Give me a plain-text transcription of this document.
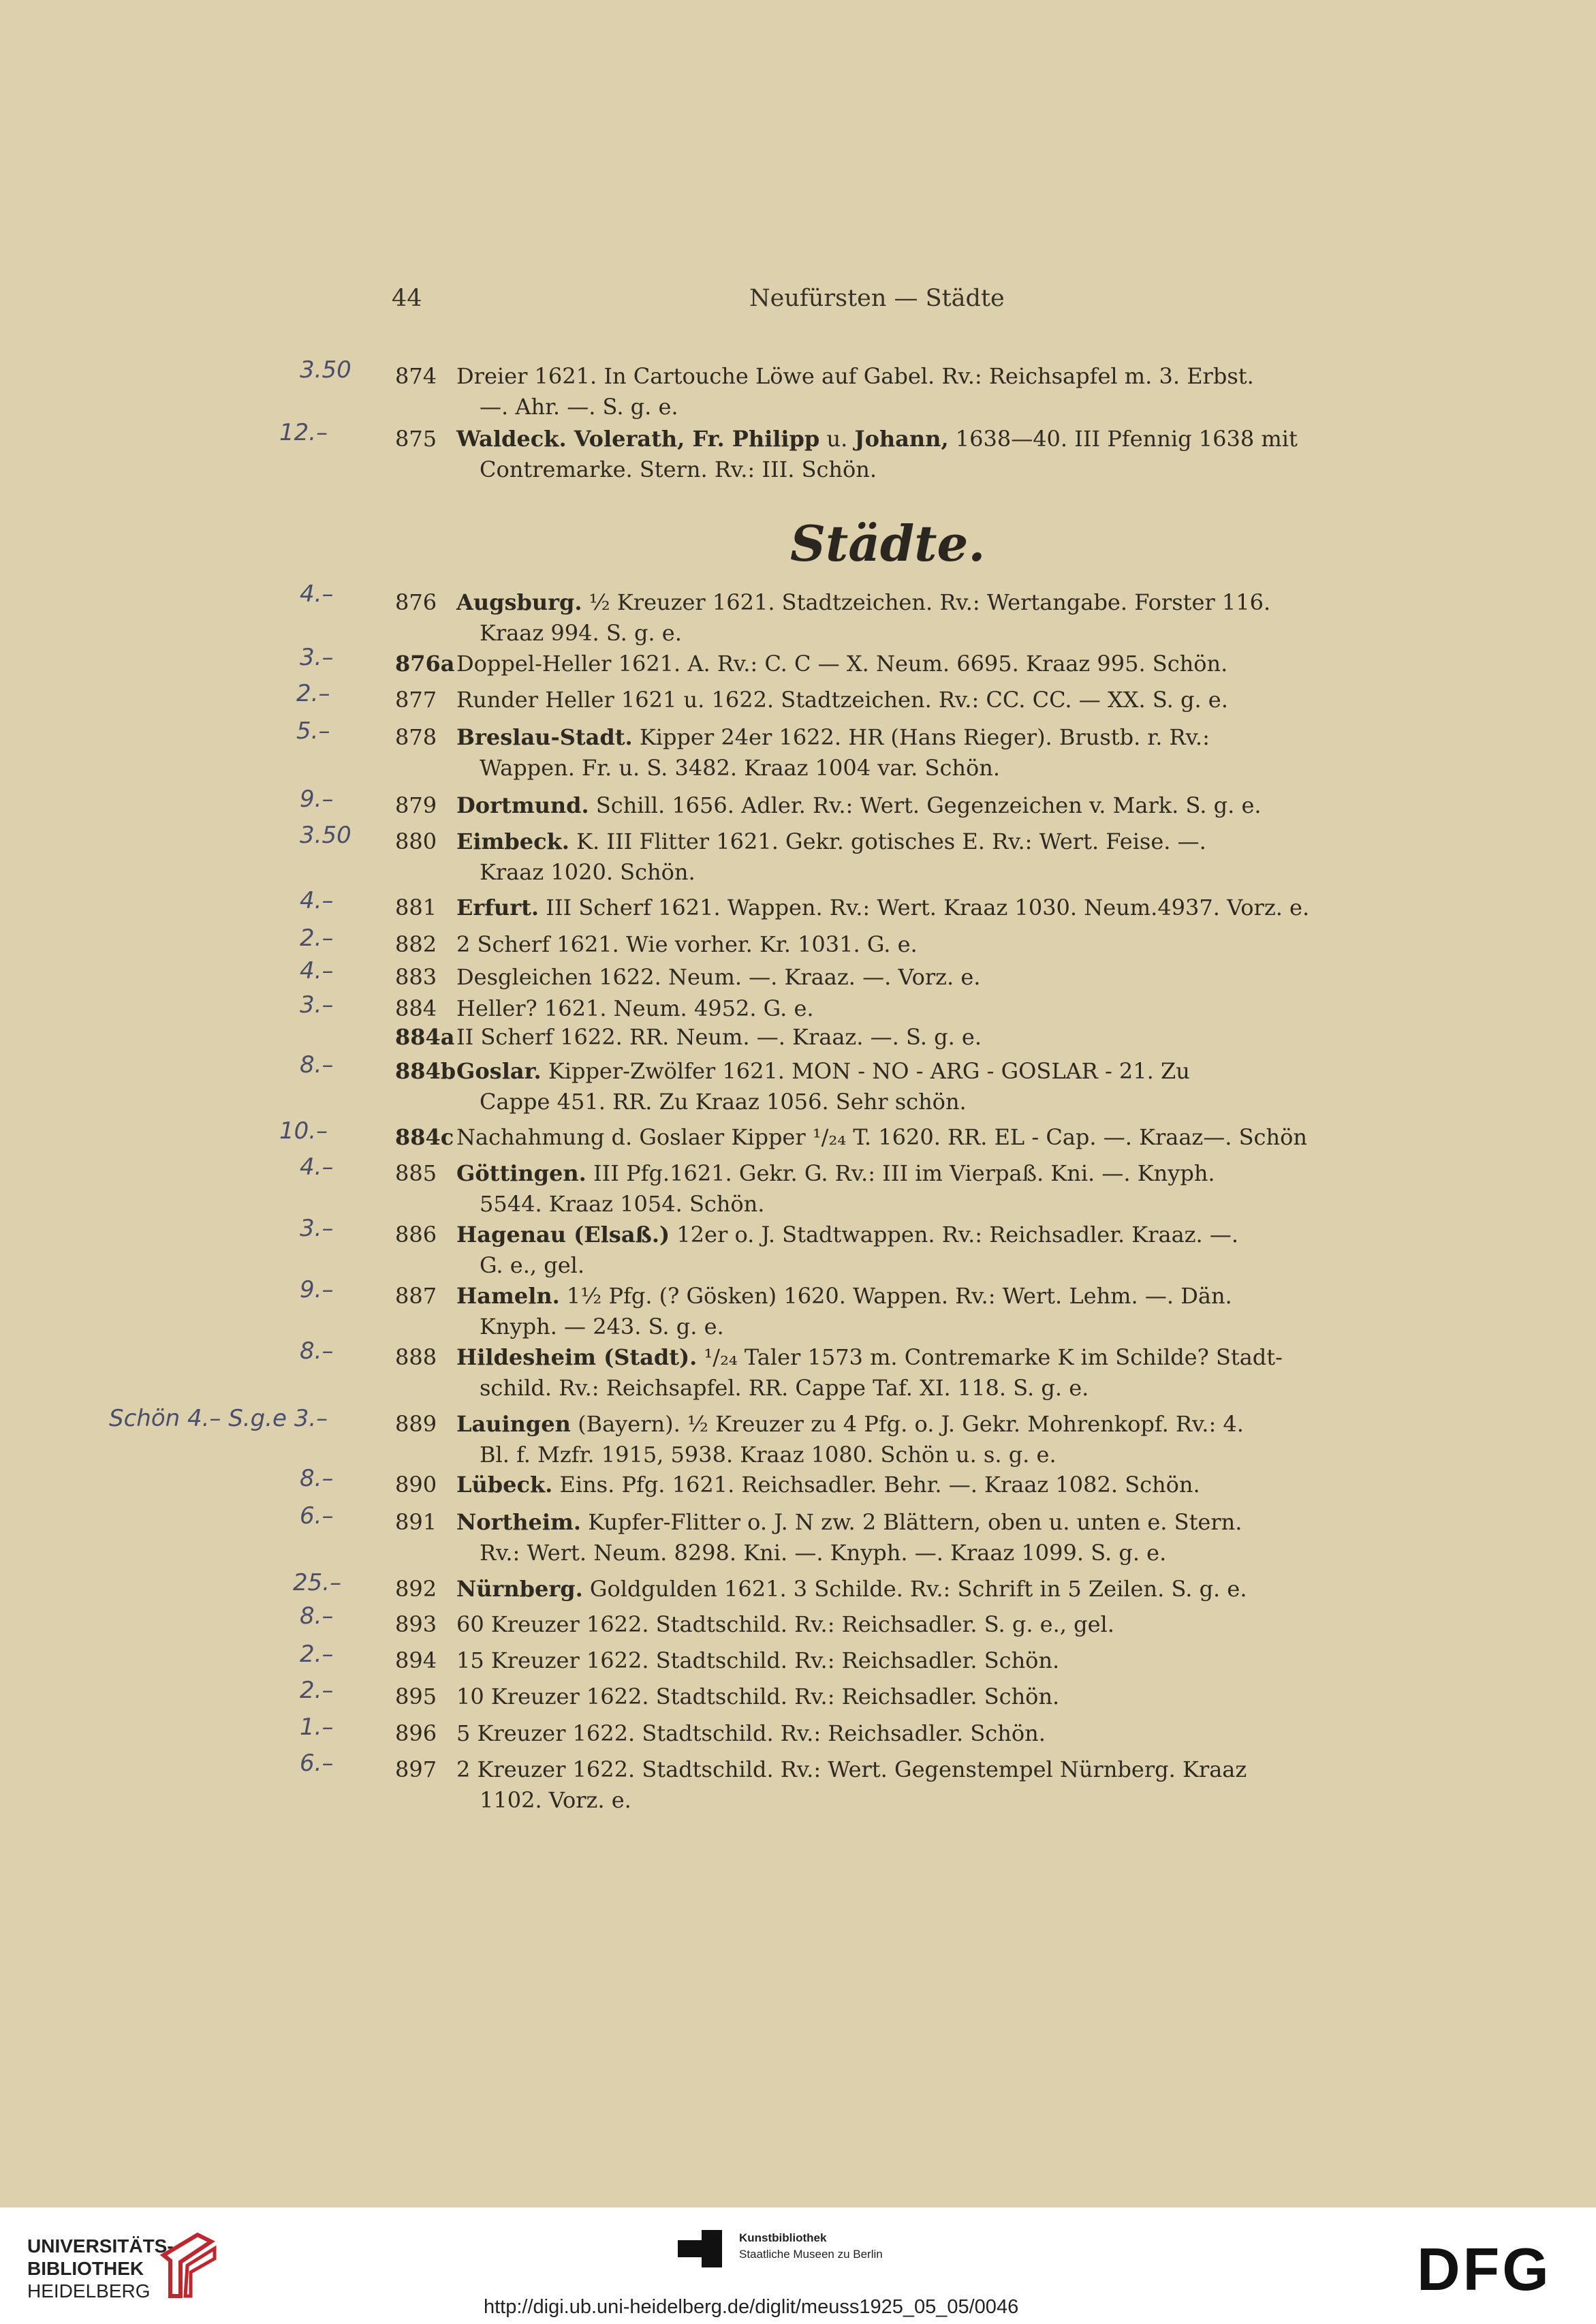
44	Neufürsten — Städte
Städte.
874 Dreier 1621. In Cartouche Löwe auf Gabel. Rv.: Reichsapfel m. 3. Erbst.
—. Ahr. —. S. g. e.
875 Waldeck. Volerath, Fr. Philipp u. Johann, 1638—40. III Pfennig 1638 mit
Contremarke. Stern. Rv.: III. Schön.
876 Augsburg. ½ Kreuzer 1621. Stadtzeichen. Rv.: Wertangabe. Forster 116.
Kraaz 994. S. g. e.
876a Doppel-Heller 1621. A. Rv.: C. C — X. Neum. 6695. Kraaz 995. Schön.
877 Runder Heller 1621 u. 1622. Stadtzeichen. Rv.: CC. CC. — XX. S. g. e.
878 Breslau-Stadt. Kipper 24er 1622. HR (Hans Rieger). Brustb. r. Rv.:
Wappen. Fr. u. S. 3482. Kraaz 1004 var. Schön.
879 Dortmund. Schill. 1656. Adler. Rv.: Wert. Gegenzeichen v. Mark. S. g. e.
880 Eimbeck. K. III Flitter 1621. Gekr. gotisches E. Rv.: Wert. Feise. —.
Kraaz 1020. Schön.
881 Erfurt. III Scherf 1621. Wappen. Rv.: Wert. Kraaz 1030. Neum.4937. Vorz. e.
882 2 Scherf 1621. Wie vorher. Kr. 1031. G. e.
883 Desgleichen 1622. Neum. —. Kraaz. —. Vorz. e.
884 Heller? 1621. Neum. 4952. G. e.
884a II Scherf 1622. RR. Neum. —. Kraaz. —. S. g. e.
884b Goslar. Kipper-Zwölfer 1621. MON - NO - ARG - GOSLAR - 21. Zu
Cappe 451. RR. Zu Kraaz 1056. Sehr schön.
884c Nachahmung d. Goslaer Kipper ¹/₂₄ T. 1620. RR. EL - Cap. —. Kraaz—. Schön
885 Göttingen. III Pfg.1621. Gekr. G. Rv.: III im Vierpaß. Kni. —. Knyph.
5544. Kraaz 1054. Schön.
886 Hagenau (Elsaß.) 12er o. J. Stadtwappen. Rv.: Reichsadler. Kraaz. —.
G. e., gel.
887 Hameln. 1½ Pfg. (? Gösken) 1620. Wappen. Rv.: Wert. Lehm. —. Dän.
Knyph. — 243. S. g. e.
888 Hildesheim (Stadt). ¹/₂₄ Taler 1573 m. Contremarke K im Schilde? Stadt-
schild. Rv.: Reichsapfel. RR. Cappe Taf. XI. 118. S. g. e.
889 Lauingen (Bayern). ½ Kreuzer zu 4 Pfg. o. J. Gekr. Mohrenkopf. Rv.: 4.
Bl. f. Mzfr. 1915, 5938. Kraaz 1080. Schön u. s. g. e.
890 Lübeck. Eins. Pfg. 1621. Reichsadler. Behr. —. Kraaz 1082. Schön.
891 Northeim. Kupfer-Flitter o. J. N zw. 2 Blättern, oben u. unten e. Stern.
Rv.: Wert. Neum. 8298. Kni. —. Knyph. —. Kraaz 1099. S. g. e.
892 Nürnberg. Goldgulden 1621. 3 Schilde. Rv.: Schrift in 5 Zeilen. S. g. e.
893 60 Kreuzer 1622. Stadtschild. Rv.: Reichsadler. S. g. e., gel.
894 15 Kreuzer 1622. Stadtschild. Rv.: Reichsadler. Schön.
895 10 Kreuzer 1622. Stadtschild. Rv.: Reichsadler. Schön.
896 5 Kreuzer 1622. Stadtschild. Rv.: Reichsadler. Schön.
897 2 Kreuzer 1622. Stadtschild. Rv.: Wert. Gegenstempel Nürnberg. Kraaz
1102. Vorz. e.
3.50
12.–
4.–
3.–
2.–
5.–
9.–
3.50
4.–
2.–
4.–
3.–
8.–
10.–
4.–
3.–
9.–
8.–
Schön 4.– S.g.e 3.–
8.–
6.–
25.–
8.–
2.–
2.–
1.–
6.–
UNIVERSITÄTS-
BIBLIOTHEK
HEIDELBERG
Kunstbibliothek
Staatliche Museen zu Berlin	DFG
http://digi.ub.uni-heidelberg.de/diglit/meuss1925_05_05/0046
